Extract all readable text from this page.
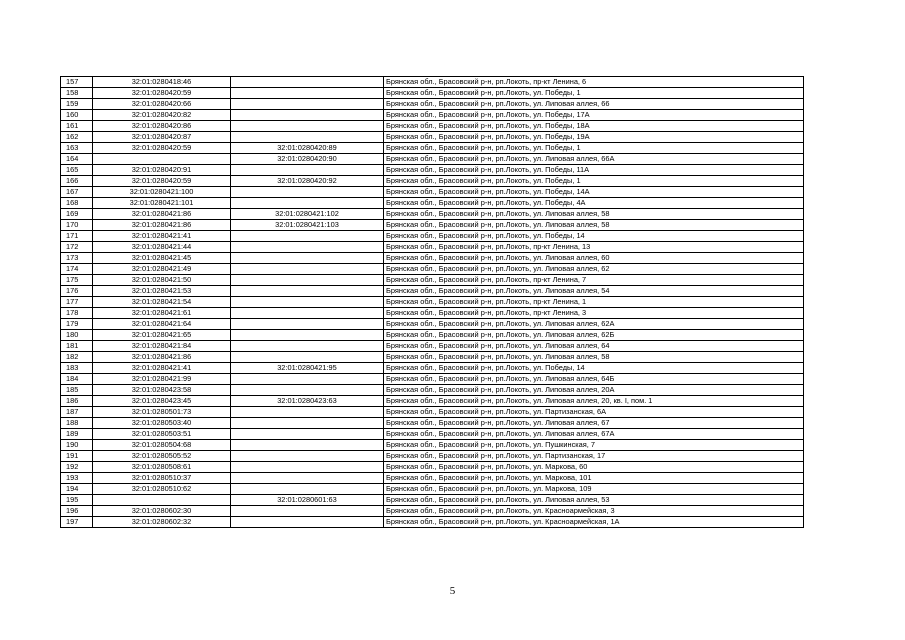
157	32:01:0280418:46		Брянская обл., Брасовский р-н, рп.Локоть, пр-кт Ленина, 6
158	32:01:0280420:59		Брянская обл., Брасовский р-н, рп.Локоть, ул. Победы, 1
159	32:01:0280420:66		Брянская обл., Брасовский р-н, рп.Локоть, ул. Липовая аллея, 66
160	32:01:0280420:82		Брянская обл., Брасовский р-н, рп.Локоть, ул. Победы, 17А
161	32:01:0280420:86		Брянская обл., Брасовский р-н, рп.Локоть, ул. Победы, 18А
162	32:01:0280420:87		Брянская обл., Брасовский р-н, рп.Локоть, ул. Победы, 19А
163	32:01:0280420:59	32:01:0280420:89	Брянская обл., Брасовский р-н, рп.Локоть, ул. Победы, 1
164		32:01:0280420:90	Брянская обл., Брасовский р-н, рп.Локоть, ул. Липовая аллея, 66А
165	32:01:0280420:91		Брянская обл., Брасовский р-н, рп.Локоть, ул. Победы, 11А
166	32:01:0280420:59	32:01:0280420:92	Брянская обл., Брасовский р-н, рп.Локоть, ул. Победы, 1
167	32:01:0280421:100		Брянская обл., Брасовский р-н, рп.Локоть, ул. Победы, 14А
168	32:01:0280421:101		Брянская обл., Брасовский р-н, рп.Локоть, ул. Победы, 4А
169	32:01:0280421:86	32:01:0280421:102	Брянская обл., Брасовский р-н, рп.Локоть, ул. Липовая аллея, 58
170	32:01:0280421:86	32:01:0280421:103	Брянская обл., Брасовский р-н, рп.Локоть, ул. Липовая аллея, 58
171	32:01:0280421:41		Брянская обл., Брасовский р-н, рп.Локоть, ул. Победы, 14
172	32:01:0280421:44		Брянская обл., Брасовский р-н, рп.Локоть, пр-кт Ленина, 13
173	32:01:0280421:45		Брянская обл., Брасовский р-н, рп.Локоть, ул. Липовая аллея, 60
174	32:01:0280421:49		Брянская обл., Брасовский р-н, рп.Локоть, ул. Липовая аллея, 62
175	32:01:0280421:50		Брянская обл., Брасовский р-н, рп.Локоть, пр-кт Ленина, 7
176	32:01:0280421:53		Брянская обл., Брасовский р-н, рп.Локоть, ул. Липовая аллея, 54
177	32:01:0280421:54		Брянская обл., Брасовский р-н, рп.Локоть, пр-кт Ленина, 1
178	32:01:0280421:61		Брянская обл., Брасовский р-н, рп.Локоть, пр-кт Ленина, 3
179	32:01:0280421:64		Брянская обл., Брасовский р-н, рп.Локоть, ул. Липовая аллея, 62А
180	32:01:0280421:65		Брянская обл., Брасовский р-н, рп.Локоть, ул. Липовая аллея, 62Б
181	32:01:0280421:84		Брянская обл., Брасовский р-н, рп.Локоть, ул. Липовая аллея, 64
182	32:01:0280421:86		Брянская обл., Брасовский р-н, рп.Локоть, ул. Липовая аллея, 58
183	32:01:0280421:41	32:01:0280421:95	Брянская обл., Брасовский р-н, рп.Локоть, ул. Победы, 14
184	32:01:0280421:99		Брянская обл., Брасовский р-н, рп.Локоть, ул. Липовая аллея, 64Б
185	32:01:0280423:58		Брянская обл., Брасовский р-н, рп.Локоть, ул. Липовая аллея, 20А
186	32:01:0280423:45	32:01:0280423:63	Брянская обл., Брасовский р-н, рп.Локоть, ул. Липовая аллея, 20, кв. I, пом. 1
187	32:01:0280501:73		Брянская обл., Брасовский р-н, рп.Локоть, ул. Партизанская, 6А
188	32:01:0280503:40		Брянская обл., Брасовский р-н, рп.Локоть, ул. Липовая аллея, 67
189	32:01:0280503:51		Брянская обл., Брасовский р-н, рп.Локоть, ул. Липовая аллея, 67А
190	32:01:0280504:68		Брянская обл., Брасовский р-н, рп.Локоть, ул. Пушкинская, 7
191	32:01:0280505:52		Брянская обл., Брасовский р-н, рп.Локоть, ул. Партизанская, 17
192	32:01:0280508:61		Брянская обл., Брасовский р-н, рп.Локоть, ул. Маркова, 60
193	32:01:0280510:37		Брянская обл., Брасовский р-н, рп.Локоть, ул. Маркова, 101
194	32:01:0280510:62		Брянская обл., Брасовский р-н, рп.Локоть, ул. Маркова, 109
195		32:01:0280601:63	Брянская обл., Брасовский р-н, рп.Локоть, ул. Липовая аллея, 53
196	32:01:0280602:30		Брянская обл., Брасовский р-н, рп.Локоть, ул. Красноармейская, 3
197	32:01:0280602:32		Брянская обл., Брасовский р-н, рп.Локоть, ул. Красноармейская, 1А
5
